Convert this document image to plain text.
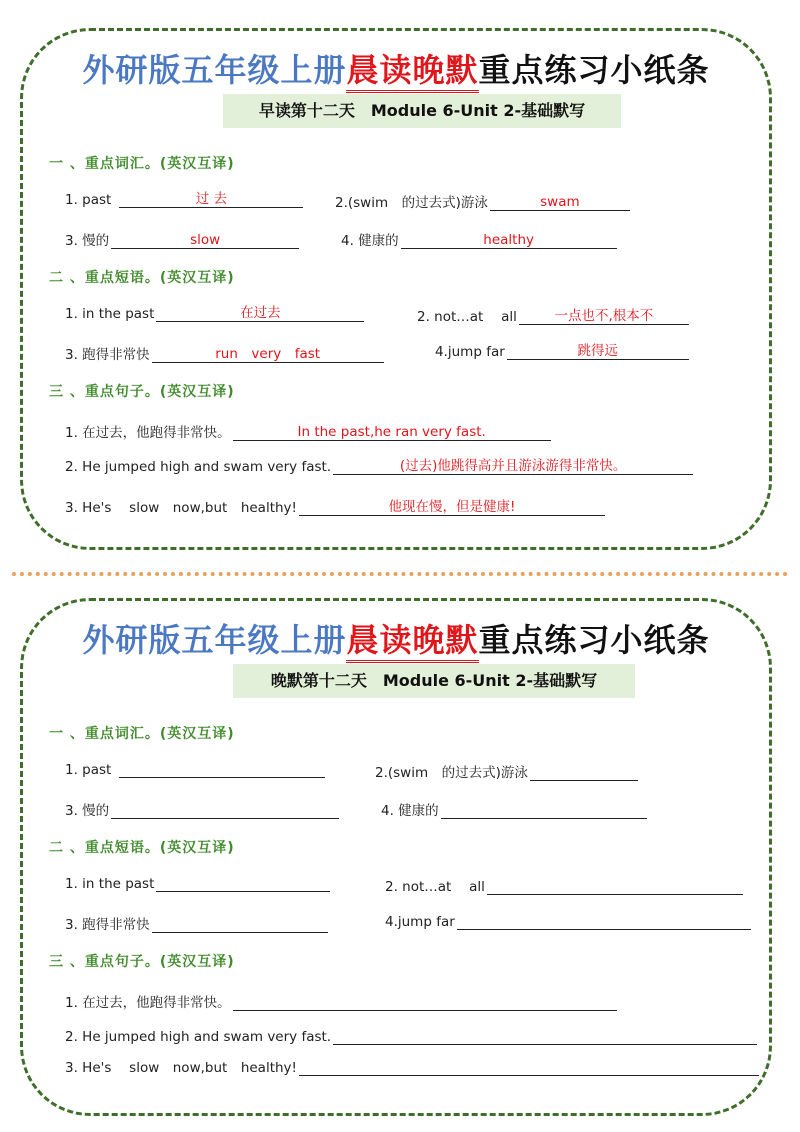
外研版五年级上册晨读晚默重点练习小纸条
早读第十二天　Module 6-Unit 2-基础默写
一 、重点词汇。(英汉互译)
1. past	过 去	2.(swim　的过去式)游泳	swam
3. 慢的	slow	4. 健康的	healthy
二 、重点短语。(英汉互译)
1. in the past	在过去	2. not…at　 all	一点也不,根本不
3. 跑得非常快	run　very　fast	4.jump far	跳得远
三 、重点句子。(英汉互译)
1. 在过去，他跑得非常快。	In the past,he ran very fast.
2. He jumped high and swam very fast.	(过去)他跳得高并且游泳游得非常快。
3. He's　 slow　now,but　healthy!	他现在慢，但是健康!
外研版五年级上册晨读晚默重点练习小纸条
晚默第十二天　Module 6-Unit 2-基础默写
一 、重点词汇。(英汉互译)
1. past	2.(swim　的过去式)游泳
3. 慢的	4. 健康的
二 、重点短语。(英汉互译)
1. in the past	2. not…at　 all
3. 跑得非常快	4.jump far
三 、重点句子。(英汉互译)
1. 在过去，他跑得非常快。
2. He jumped high and swam very fast.
3. He's　 slow　now,but　healthy!
